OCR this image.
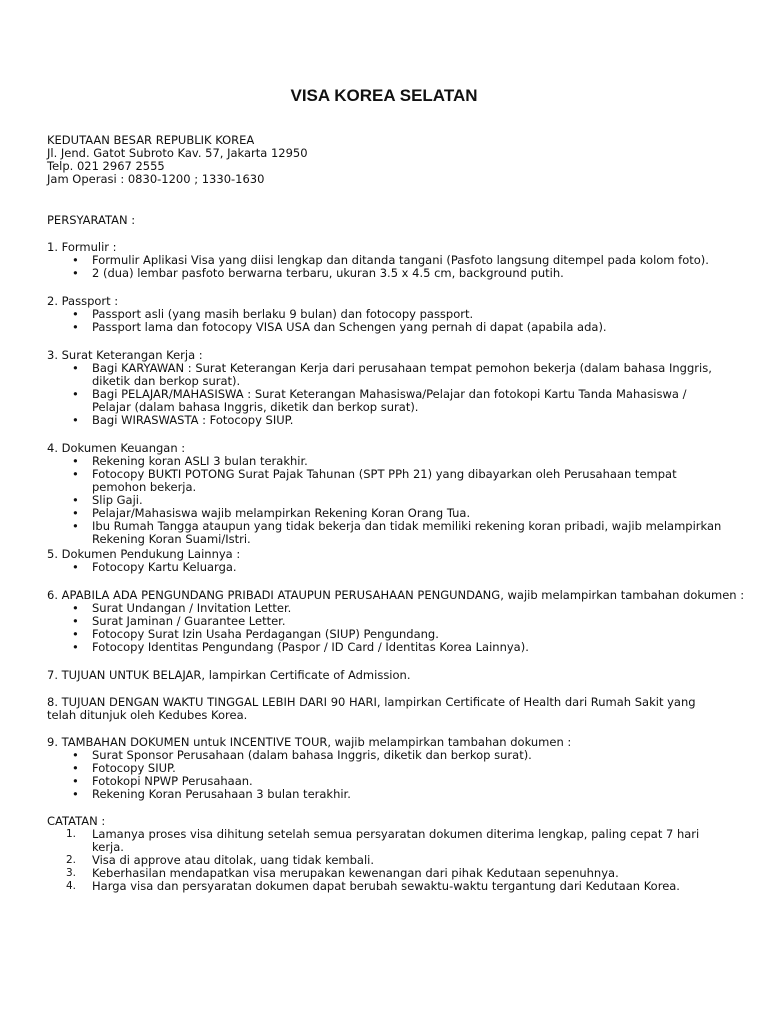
VISA KOREA SELATAN
KEDUTAAN BESAR REPUBLIK KOREA
Jl. Jend. Gatot Subroto Kav. 57, Jakarta 12950
Telp. 021 2967 2555
Jam Operasi : 0830-1200 ; 1330-1630
PERSYARATAN :
1. Formulir :
• Formulir Aplikasi Visa yang diisi lengkap dan ditanda tangani (Pasfoto langsung ditempel pada kolom foto).
• 2 (dua) lembar pasfoto berwarna terbaru, ukuran 3.5 x 4.5 cm, background putih.
2. Passport :
• Passport asli (yang masih berlaku 9 bulan) dan fotocopy passport.
• Passport lama dan fotocopy VISA USA dan Schengen yang pernah di dapat (apabila ada).
3. Surat Keterangan Kerja :
• Bagi KARYAWAN : Surat Keterangan Kerja dari perusahaan tempat pemohon bekerja (dalam bahasa Inggris, diketik dan berkop surat).
• Bagi PELAJAR/MAHASISWA : Surat Keterangan Mahasiswa/Pelajar dan fotokopi Kartu Tanda Mahasiswa / Pelajar (dalam bahasa Inggris, diketik dan berkop surat).
• Bagi WIRASWASTA : Fotocopy SIUP.
4. Dokumen Keuangan :
• Rekening koran ASLI 3 bulan terakhir.
• Fotocopy BUKTI POTONG Surat Pajak Tahunan (SPT PPh 21) yang dibayarkan oleh Perusahaan tempat pemohon bekerja.
• Slip Gaji.
• Pelajar/Mahasiswa wajib melampirkan Rekening Koran Orang Tua.
• Ibu Rumah Tangga ataupun yang tidak bekerja dan tidak memiliki rekening koran pribadi, wajib melampirkan Rekening Koran Suami/Istri.
5. Dokumen Pendukung Lainnya :
• Fotocopy Kartu Keluarga.
6. APABILA ADA PENGUNDANG PRIBADI ATAUPUN PERUSAHAAN PENGUNDANG, wajib melampirkan tambahan dokumen :
• Surat Undangan / Invitation Letter.
• Surat Jaminan / Guarantee Letter.
• Fotocopy Surat Izin Usaha Perdagangan (SIUP) Pengundang.
• Fotocopy Identitas Pengundang (Paspor / ID Card / Identitas Korea Lainnya).
7. TUJUAN UNTUK BELAJAR, lampirkan Certificate of Admission.
8. TUJUAN DENGAN WAKTU TINGGAL LEBIH DARI 90 HARI, lampirkan Certificate of Health dari Rumah Sakit yang telah ditunjuk oleh Kedubes Korea.
9. TAMBAHAN DOKUMEN untuk INCENTIVE TOUR, wajib melampirkan tambahan dokumen :
• Surat Sponsor Perusahaan (dalam bahasa Inggris, diketik dan berkop surat).
• Fotocopy SIUP.
• Fotokopi NPWP Perusahaan.
• Rekening Koran Perusahaan 3 bulan terakhir.
CATATAN :
1. Lamanya proses visa dihitung setelah semua persyaratan dokumen diterima lengkap, paling cepat 7 hari kerja.
2. Visa di approve atau ditolak, uang tidak kembali.
3. Keberhasilan mendapatkan visa merupakan kewenangan dari pihak Kedutaan sepenuhnya.
4. Harga visa dan persyaratan dokumen dapat berubah sewaktu-waktu tergantung dari Kedutaan Korea.
